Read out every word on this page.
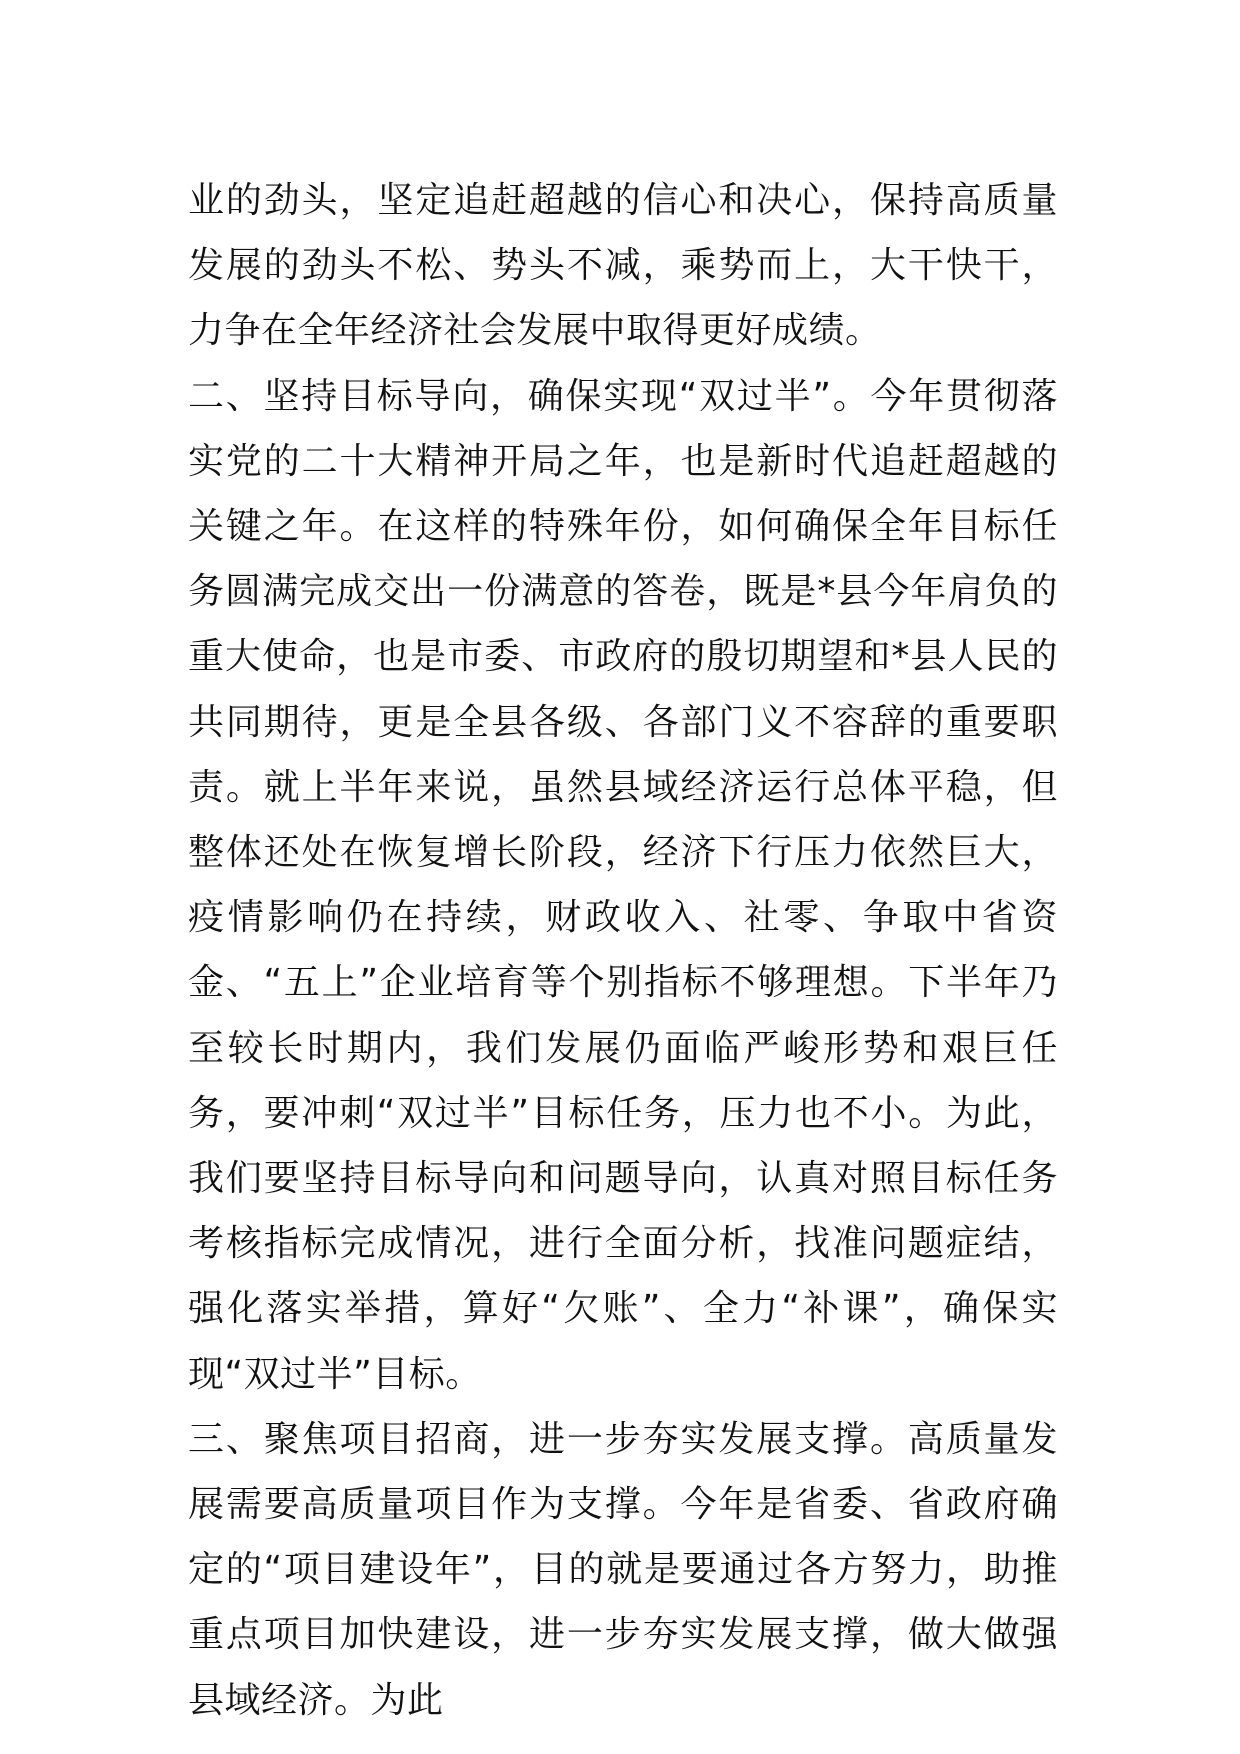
业的劲头，坚定追赶超越的信心和决心，保持高质量发展的劲头不松、势头不减，乘势而上，大干快干，力争在全年经济社会发展中取得更好成绩。

二、坚持目标导向，确保实现“双过半”。今年贯彻落实党的二十大精神开局之年，也是新时代追赶超越的关键之年。在这样的特殊年份，如何确保全年目标任务圆满完成交出一份满意的答卷，既是*县今年肩负的重大使命，也是市委、市政府的殷切期望和*县人民的共同期待，更是全县各级、各部门义不容辞的重要职责。就上半年来说，虽然县域经济运行总体平稳，但整体还处在恢复增长阶段，经济下行压力依然巨大，疫情影响仍在持续，财政收入、社零、争取中省资金、“五上”企业培育等个别指标不够理想。下半年乃至较长时期内，我们发展仍面临严峻形势和艰巨任务，要冲刺“双过半”目标任务，压力也不小。为此，我们要坚持目标导向和问题导向，认真对照目标任务考核指标完成情况，进行全面分析，找准问题症结，强化落实举措，算好“欠账”、全力“补课”，确保实现“双过半”目标。

三、聚焦项目招商，进一步夯实发展支撑。高质量发展需要高质量项目作为支撑。今年是省委、省政府确定的“项目建设年”，目的就是要通过各方努力，助推重点项目加快建设，进一步夯实发展支撑，做大做强县域经济。为此
